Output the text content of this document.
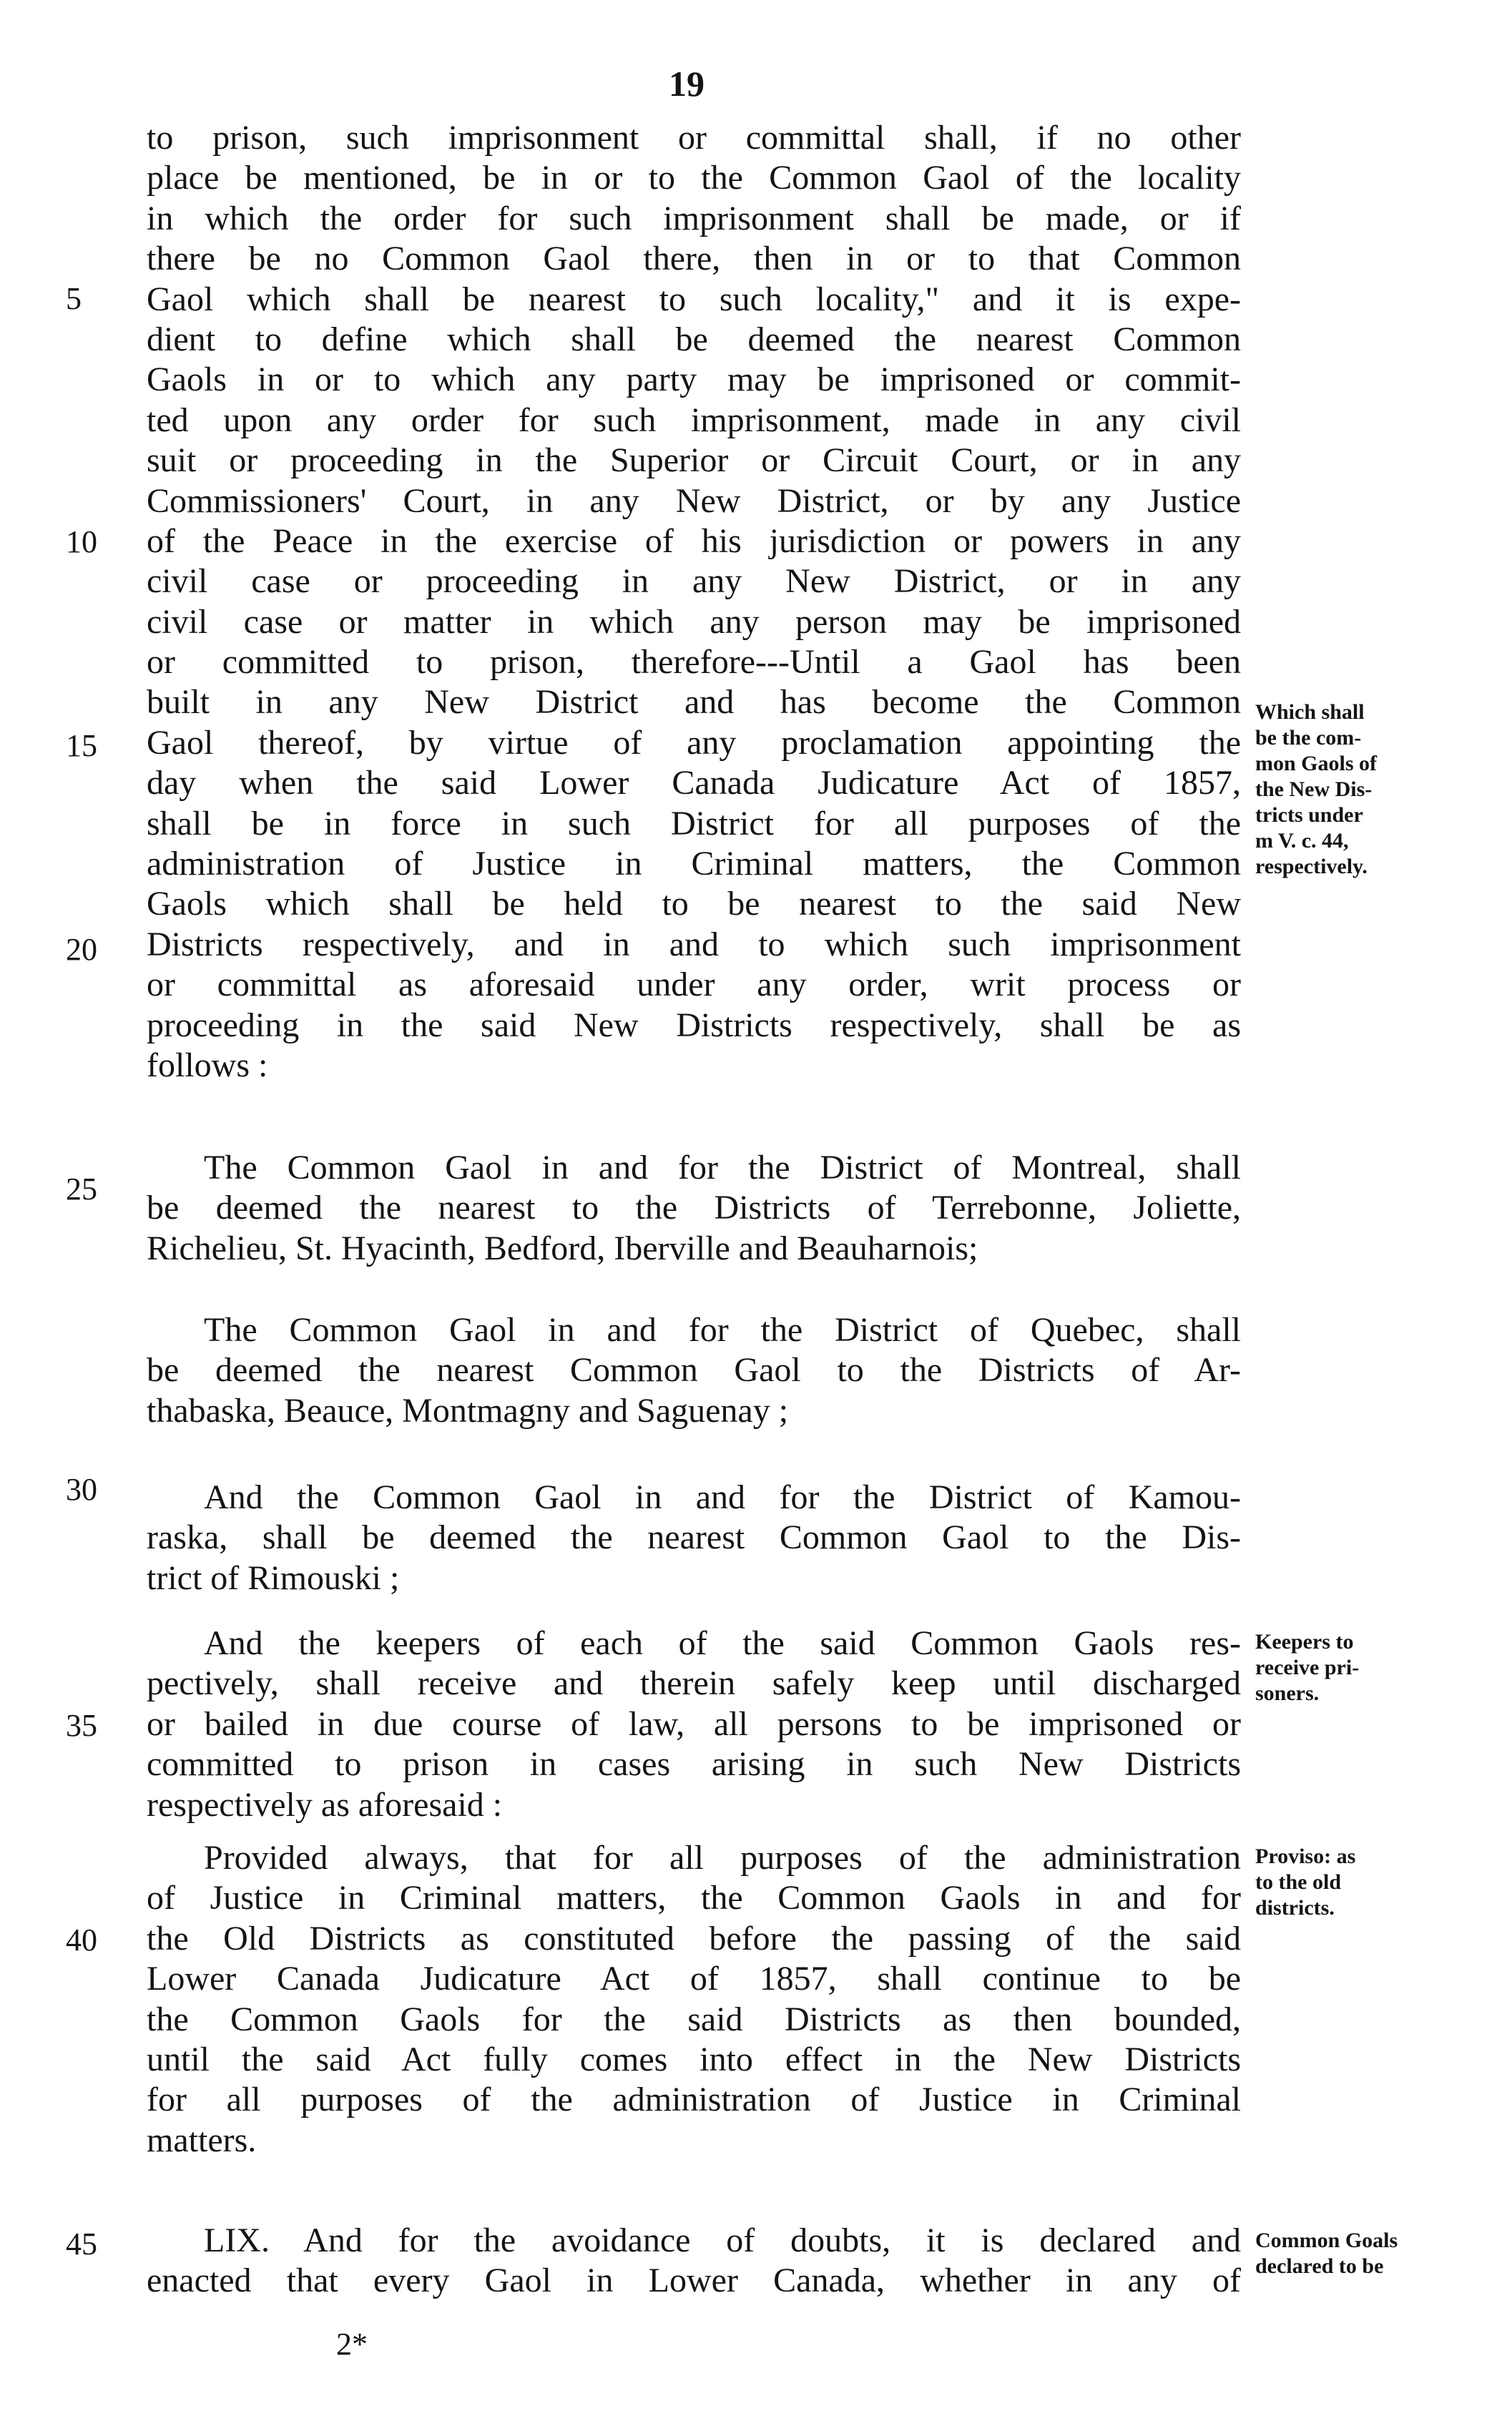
19
to prison, such imprisonment or committal shall, if no other
place be mentioned, be in or to the Common Gaol of the locality
in which the order for such imprisonment shall be made, or if
there be no Common Gaol there, then in or to that Common
Gaol which shall be nearest to such locality," and it is expe-
dient to define which shall be deemed the nearest Common
Gaols in or to which any party may be imprisoned or commit-
ted upon any order for such imprisonment, made in any civil
suit or proceeding in the Superior or Circuit Court, or in any
Commissioners' Court, in any New District, or by any Justice
of the Peace in the exercise of his jurisdiction or powers in any
civil case or proceeding in any New District, or in any
civil case or matter in which any person may be imprisoned
or committed to prison, therefore---Until a Gaol has been
built in any New District and has become the Common
Gaol thereof, by virtue of any proclamation appointing the
day when the said Lower Canada Judicature Act of 1857,
shall be in force in such District for all purposes of the
administration of Justice in Criminal matters, the Common
Gaols which shall be held to be nearest to the said New
Districts respectively, and in and to which such imprisonment
or committal as aforesaid under any order, writ process or
proceeding in the said New Districts respectively, shall be as
follows :
The Common Gaol in and for the District of Montreal, shall
be deemed the nearest to the Districts of Terrebonne, Joliette,
Richelieu, St. Hyacinth, Bedford, Iberville and Beauharnois;
The Common Gaol in and for the District of Quebec, shall
be deemed the nearest Common Gaol to the Districts of Ar-
thabaska, Beauce, Montmagny and Saguenay ;
And the Common Gaol in and for the District of Kamou-
raska, shall be deemed the nearest Common Gaol to the Dis-
trict of Rimouski ;
And the keepers of each of the said Common Gaols res-
pectively, shall receive and therein safely keep until discharged
or bailed in due course of law, all persons to be imprisoned or
committed to prison in cases arising in such New Districts
respectively as aforesaid :
Provided always, that for all purposes of the administration
of Justice in Criminal matters, the Common Gaols in and for
the Old Districts as constituted before the passing of the said
Lower Canada Judicature Act of 1857, shall continue to be
the Common Gaols for the said Districts as then bounded,
until the said Act fully comes into effect in the New Districts
for all purposes of the administration of Justice in Criminal
matters.
LIX. And for the avoidance of doubts, it is declared and
enacted that every Gaol in Lower Canada, whether in any of
5
10
15
20
25
30
35
40
45
Which shall
be the com-
mon Gaols of
the New Dis-
tricts under
m V. c. 44,
respectively.
Keepers to
receive pri-
soners.
Proviso: as
to the old
districts.
Common Goals
declared to be
2*
